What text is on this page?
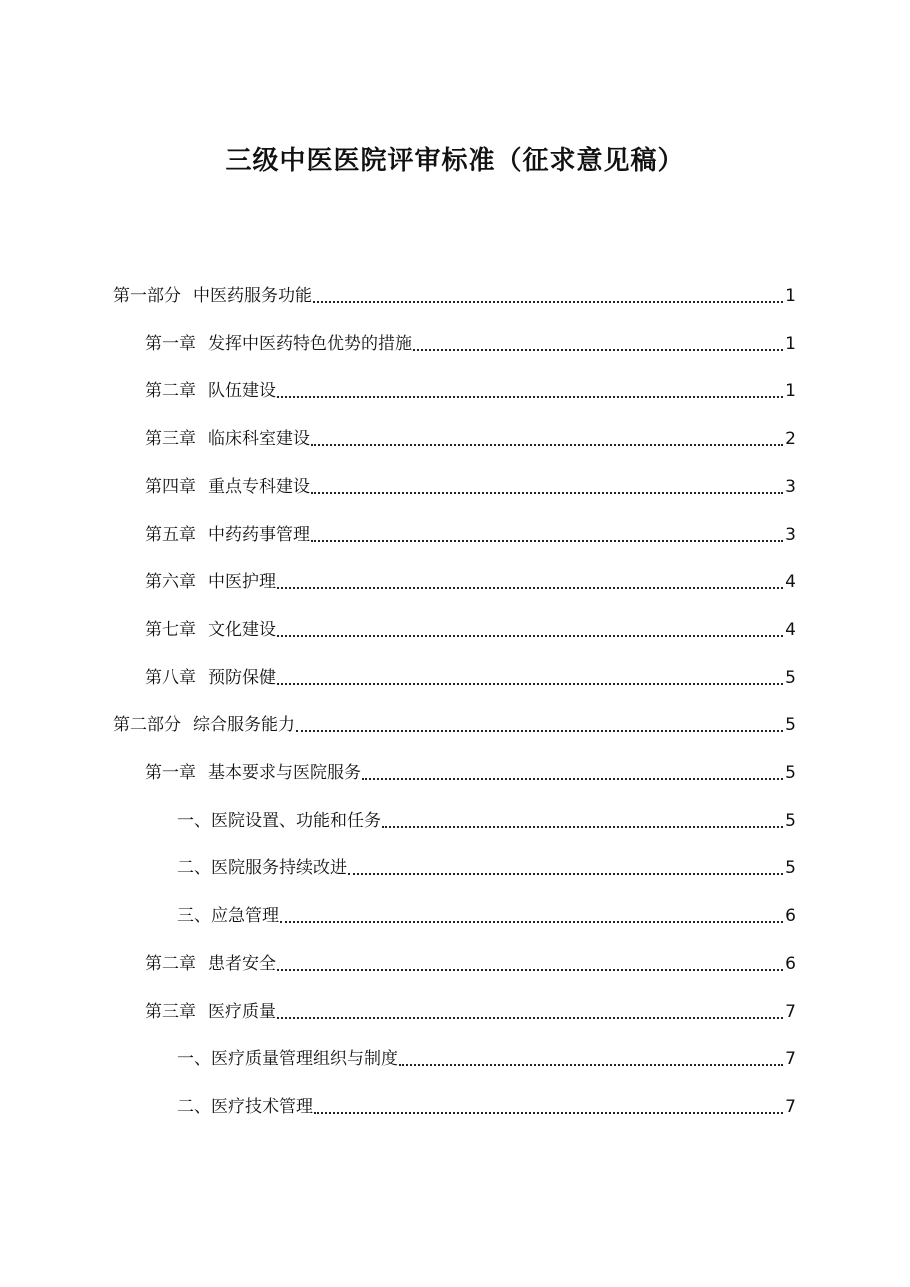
三级中医医院评审标准（征求意见稿）
第一部分 中医药服务功能	1
第一章 发挥中医药特色优势的措施	1
第二章 队伍建设	1
第三章 临床科室建设	2
第四章 重点专科建设	3
第五章 中药药事管理	3
第六章 中医护理	4
第七章 文化建设	4
第八章 预防保健	5
第二部分 综合服务能力	5
第一章 基本要求与医院服务	5
一、医院设置、功能和任务	5
二、医院服务持续改进	5
三、应急管理	6
第二章 患者安全	6
第三章 医疗质量	7
一、医疗质量管理组织与制度	7
二、医疗技术管理	7
